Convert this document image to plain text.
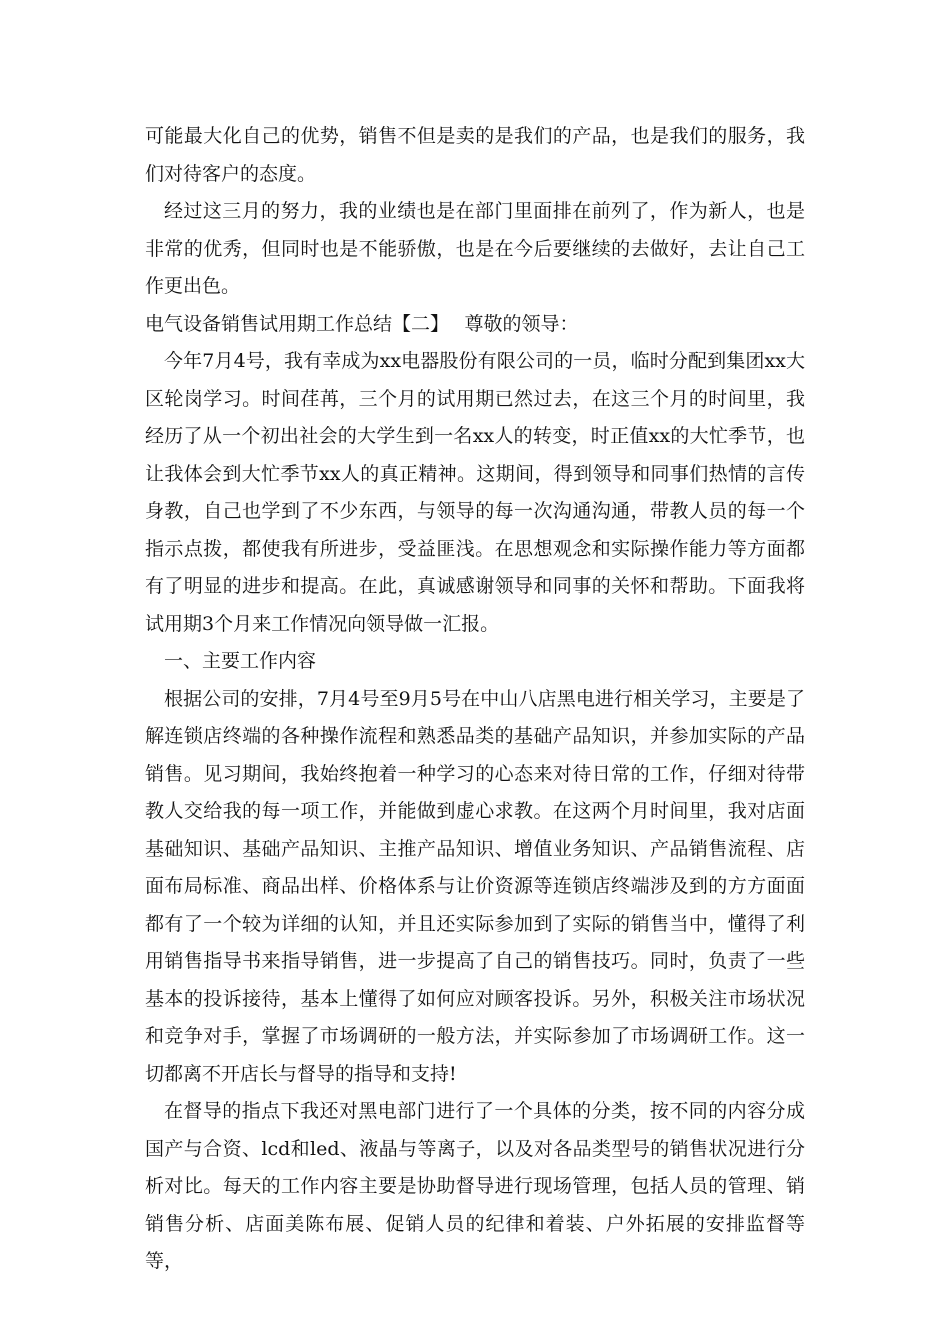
可能最大化自己的优势，销售不但是卖的是我们的产品，也是我们的服务，我们对待客户的态度。

经过这三月的努力，我的业绩也是在部门里面排在前列了，作为新人，也是非常的优秀，但同时也是不能骄傲，也是在今后要继续的去做好，去让自己工作更出色。

电气设备销售试用期工作总结【二】　 尊敬的领导：

今年7月4号，我有幸成为xx电器股份有限公司的一员，临时分配到集团xx大区轮岗学习。时间荏苒，三个月的试用期已然过去，在这三个月的时间里，我经历了从一个初出社会的大学生到一名xx人的转变，时正值xx的大忙季节，也让我体会到大忙季节xx人的真正精神。这期间，得到领导和同事们热情的言传身教，自己也学到了不少东西，与领导的每一次沟通沟通，带教人员的每一个指示点拨，都使我有所进步，受益匪浅。在思想观念和实际操作能力等方面都有了明显的进步和提高。在此，真诚感谢领导和同事的关怀和帮助。下面我将试用期3个月来工作情况向领导做一汇报。

一、主要工作内容

根据公司的安排，7月4号至9月5号在中山八店黑电进行相关学习，主要是了解连锁店终端的各种操作流程和熟悉品类的基础产品知识，并参加实际的产品销售。见习期间，我始终抱着一种学习的心态来对待日常的工作，仔细对待带教人交给我的每一项工作，并能做到虚心求教。在这两个月时间里，我对店面基础知识、基础产品知识、主推产品知识、增值业务知识、产品销售流程、店面布局标准、商品出样、价格体系与让价资源等连锁店终端涉及到的方方面面都有了一个较为详细的认知，并且还实际参加到了实际的销售当中，懂得了利用销售指导书来指导销售，进一步提高了自己的销售技巧。同时，负责了一些基本的投诉接待，基本上懂得了如何应对顾客投诉。另外，积极关注市场状况和竞争对手，掌握了市场调研的一般方法，并实际参加了市场调研工作。这一切都离不开店长与督导的指导和支持!

在督导的指点下我还对黑电部门进行了一个具体的分类，按不同的内容分成国产与合资、lcd和led、液晶与等离子，以及对各品类型号的销售状况进行分析对比。每天的工作内容主要是协助督导进行现场管理，包括人员的管理、销销售分析、店面美陈布展、促销人员的纪律和着装、户外拓展的安排监督等等，
